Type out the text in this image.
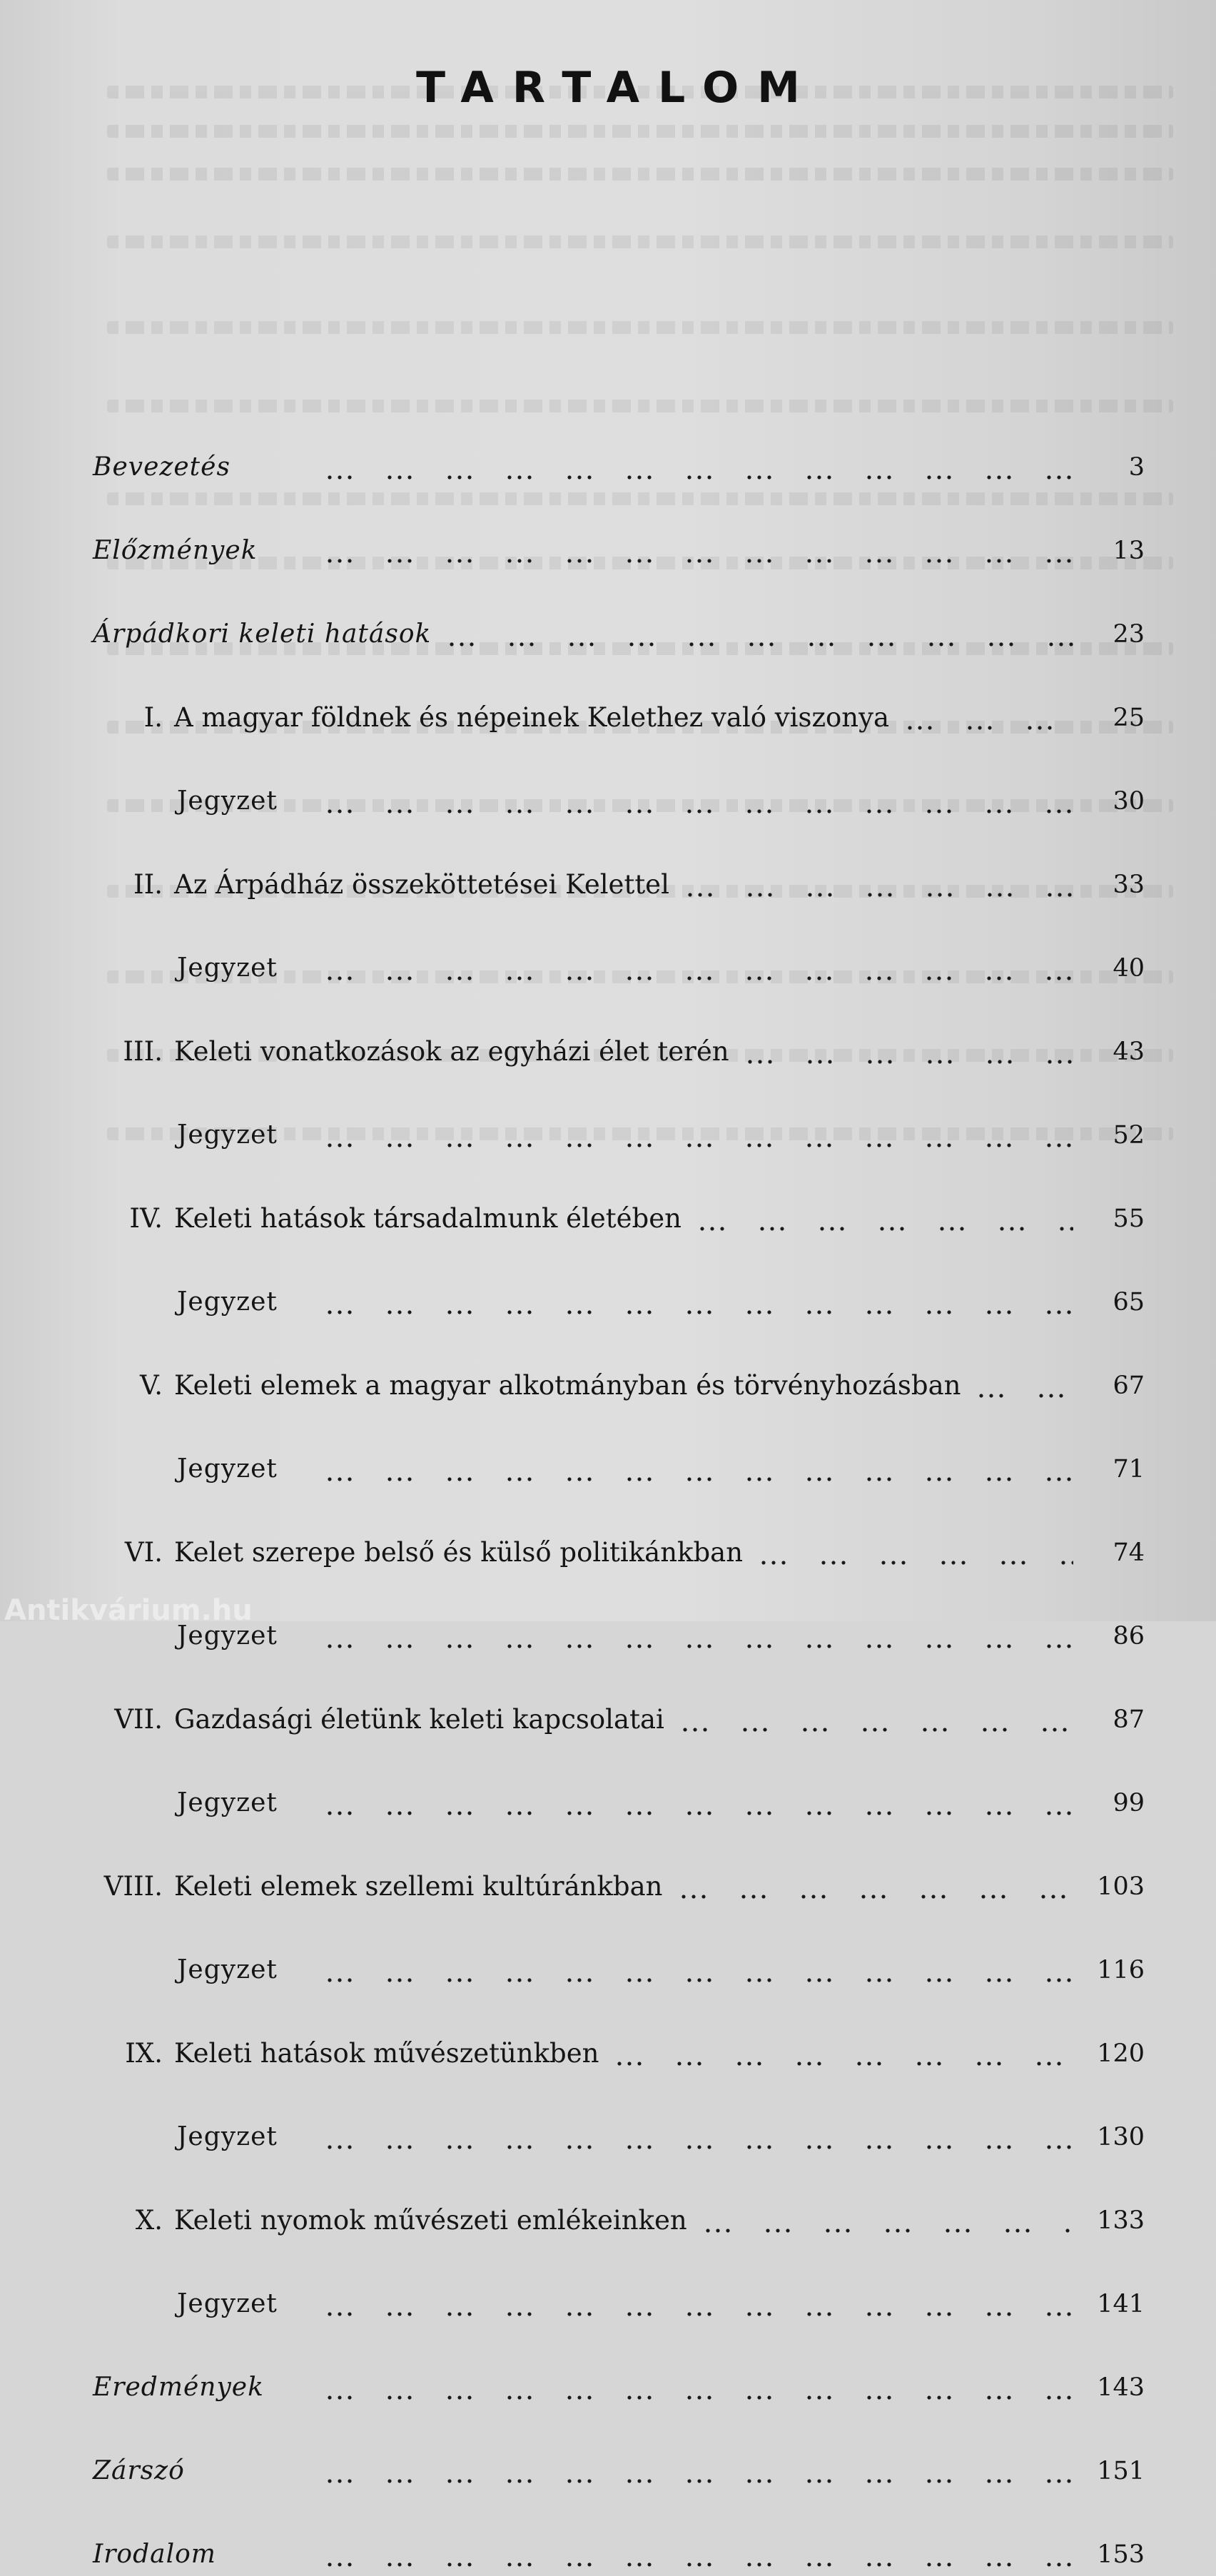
TARTALOM
Bevezetés	3
Előzmények	13
Árpádkori keleti hatások	23
I. A magyar földnek és népeinek Kelethez való viszonya	25
Jegyzet	30
II. Az Árpádház összeköttetései Kelettel	33
Jegyzet	40
III. Keleti vonatkozások az egyházi élet terén	43
Jegyzet	52
IV. Keleti hatások társadalmunk életében	55
Jegyzet	65
V. Keleti elemek a magyar alkotmányban és törvényhozásban	67
Jegyzet	71
VI. Kelet szerepe belső és külső politikánkban	74
Jegyzet	86
VII. Gazdasági életünk keleti kapcsolatai	87
Jegyzet	99
VIII. Keleti elemek szellemi kultúránkban	103
Jegyzet	116
IX. Keleti hatások művészetünkben	120
Jegyzet	130
X. Keleti nyomok művészeti emlékeinken	133
Jegyzet	141
Eredmények	143
Zárszó	151
Irodalom	153
Antikvárium.hu
